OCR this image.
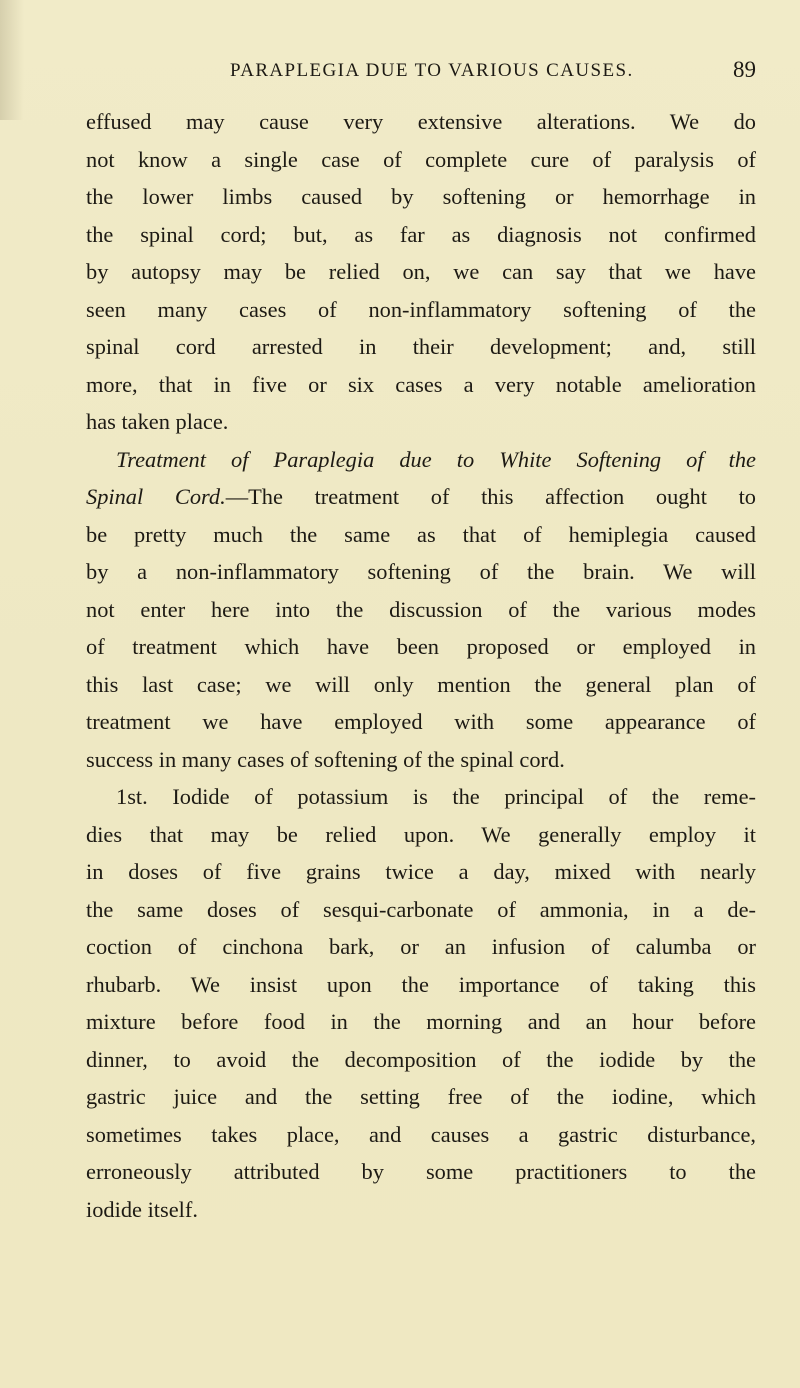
PARAPLEGIA DUE TO VARIOUS CAUSES.	89
effused may cause very extensive alterations. We do
not know a single case of complete cure of paralysis of
the lower limbs caused by softening or hemorrhage in
the spinal cord; but, as far as diagnosis not confirmed
by autopsy may be relied on, we can say that we have
seen many cases of non-inflammatory softening of the
spinal cord arrested in their development; and, still
more, that in five or six cases a very notable amelioration
has taken place.
Treatment of Paraplegia due to White Softening of the
Spinal Cord.—The treatment of this affection ought to
be pretty much the same as that of hemiplegia caused
by a non-inflammatory softening of the brain. We will
not enter here into the discussion of the various modes
of treatment which have been proposed or employed in
this last case; we will only mention the general plan of
treatment we have employed with some appearance of
success in many cases of softening of the spinal cord.
1st. Iodide of potassium is the principal of the reme-
dies that may be relied upon. We generally employ it
in doses of five grains twice a day, mixed with nearly
the same doses of sesqui-carbonate of ammonia, in a de-
coction of cinchona bark, or an infusion of calumba or
rhubarb. We insist upon the importance of taking this
mixture before food in the morning and an hour before
dinner, to avoid the decomposition of the iodide by the
gastric juice and the setting free of the iodine, which
sometimes takes place, and causes a gastric disturbance,
erroneously attributed by some practitioners to the
iodide itself.
